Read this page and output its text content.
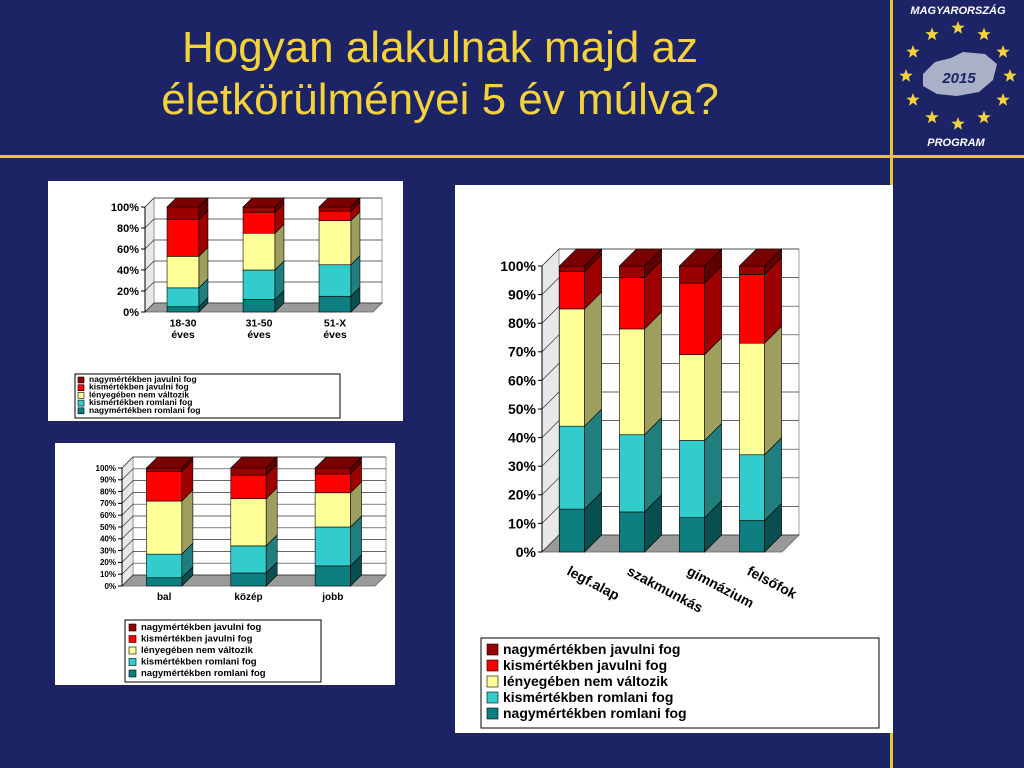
Hogyan alakulnak majd az
életkörülményei 5 év múlva?
MAGYARORSZÁG
2015
PROGRAM
0%
20%
40%
60%
80%
100%
18-30
éves
31-50
éves
51-X
éves
nagymértékben javulni fog
kismértékben javulni fog
lényegében nem változik
kismértékben romlani fog
nagymértékben romlani fog
0%
10%
20%
30%
40%
50%
60%
70%
80%
90%
100%
bal	közép	jobb
nagymértékben javulni fog
kismértékben javulni fog
lényegében nem változik
kismértékben romlani fog
nagymértékben romlani fog
0%
10%
20%
30%
40%
50%
60%
70%
80%
90%
100%
legf.alap szakmunkás
gimnázium
felsőfok
nagymértékben javulni fog
kismértékben javulni fog
lényegében nem változik
kismértékben romlani fog
nagymértékben romlani fog
